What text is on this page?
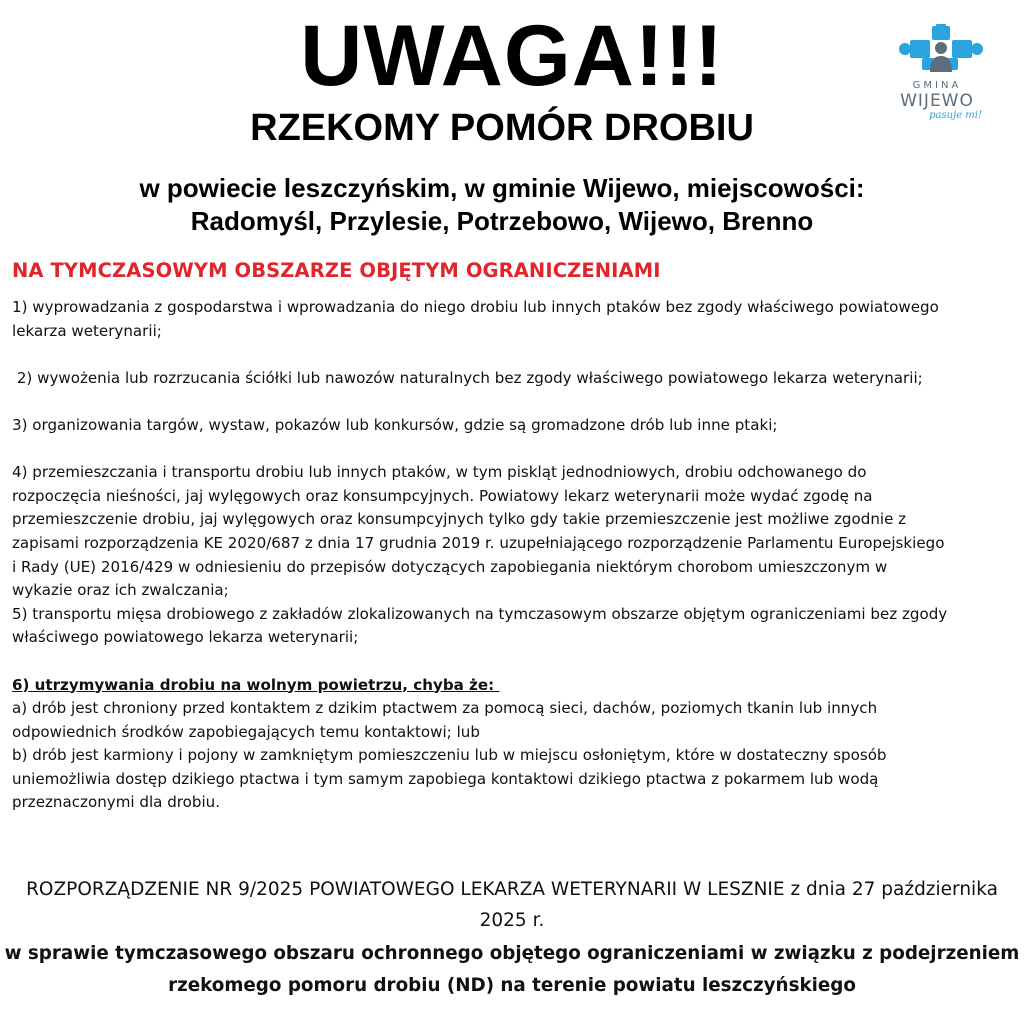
UWAGA!!!
RZEKOMY POMÓR DROBIU
w powiecie leszczyńskim, w gminie Wijewo, miejscowości:
Radomyśl, Przylesie, Potrzebowo, Wijewo, Brenno
GMINA
WIJEWO
pasuje mi!
NA TYMCZASOWYM OBSZARZE OBJĘTYM OGRANICZENIAMI

1) wyprowadzania z gospodarstwa i wprowadzania do niego drobiu lub innych ptaków bez zgody właściwego powiatowego lekarza weterynarii;

2) wywożenia lub rozrzucania ściółki lub nawozów naturalnych bez zgody właściwego powiatowego lekarza weterynarii;

3) organizowania targów, wystaw, pokazów lub konkursów, gdzie są gromadzone drób lub inne ptaki;

4) przemieszczania i transportu drobiu lub innych ptaków, w tym piskląt jednodniowych, drobiu odchowanego do rozpoczęcia nieśności, jaj wylęgowych oraz konsumpcyjnych. Powiatowy lekarz weterynarii może wydać zgodę na przemieszczenie drobiu, jaj wylęgowych oraz konsumpcyjnych tylko gdy takie przemieszczenie jest możliwe zgodnie z zapisami rozporządzenia KE 2020/687 z dnia 17 grudnia 2019 r. uzupełniającego rozporządzenie Parlamentu Europejskiego i Rady (UE) 2016/429 w odniesieniu do przepisów dotyczących zapobiegania niektórym chorobom umieszczonym w wykazie oraz ich zwalczania;

5) transportu mięsa drobiowego z zakładów zlokalizowanych na tymczasowym obszarze objętym ograniczeniami bez zgody właściwego powiatowego lekarza weterynarii;

6) utrzymywania drobiu na wolnym powietrzu, chyba że:

a) drób jest chroniony przed kontaktem z dzikim ptactwem za pomocą sieci, dachów, poziomych tkanin lub innych odpowiednich środków zapobiegających temu kontaktowi; lub

b) drób jest karmiony i pojony w zamkniętym pomieszczeniu lub w miejscu osłoniętym, które w dostateczny sposób uniemożliwia dostęp dzikiego ptactwa i tym samym zapobiega kontaktowi dzikiego ptactwa z pokarmem lub wodą przeznaczonymi dla drobiu.

ROZPORZĄDZENIE NR 9/2025 POWIATOWEGO LEKARZA WETERYNARII W LESZNIE z dnia 27 października 2025 r.
w sprawie tymczasowego obszaru ochronnego objętego ograniczeniami w związku z podejrzeniem rzekomego pomoru drobiu (ND) na terenie powiatu leszczyńskiego
